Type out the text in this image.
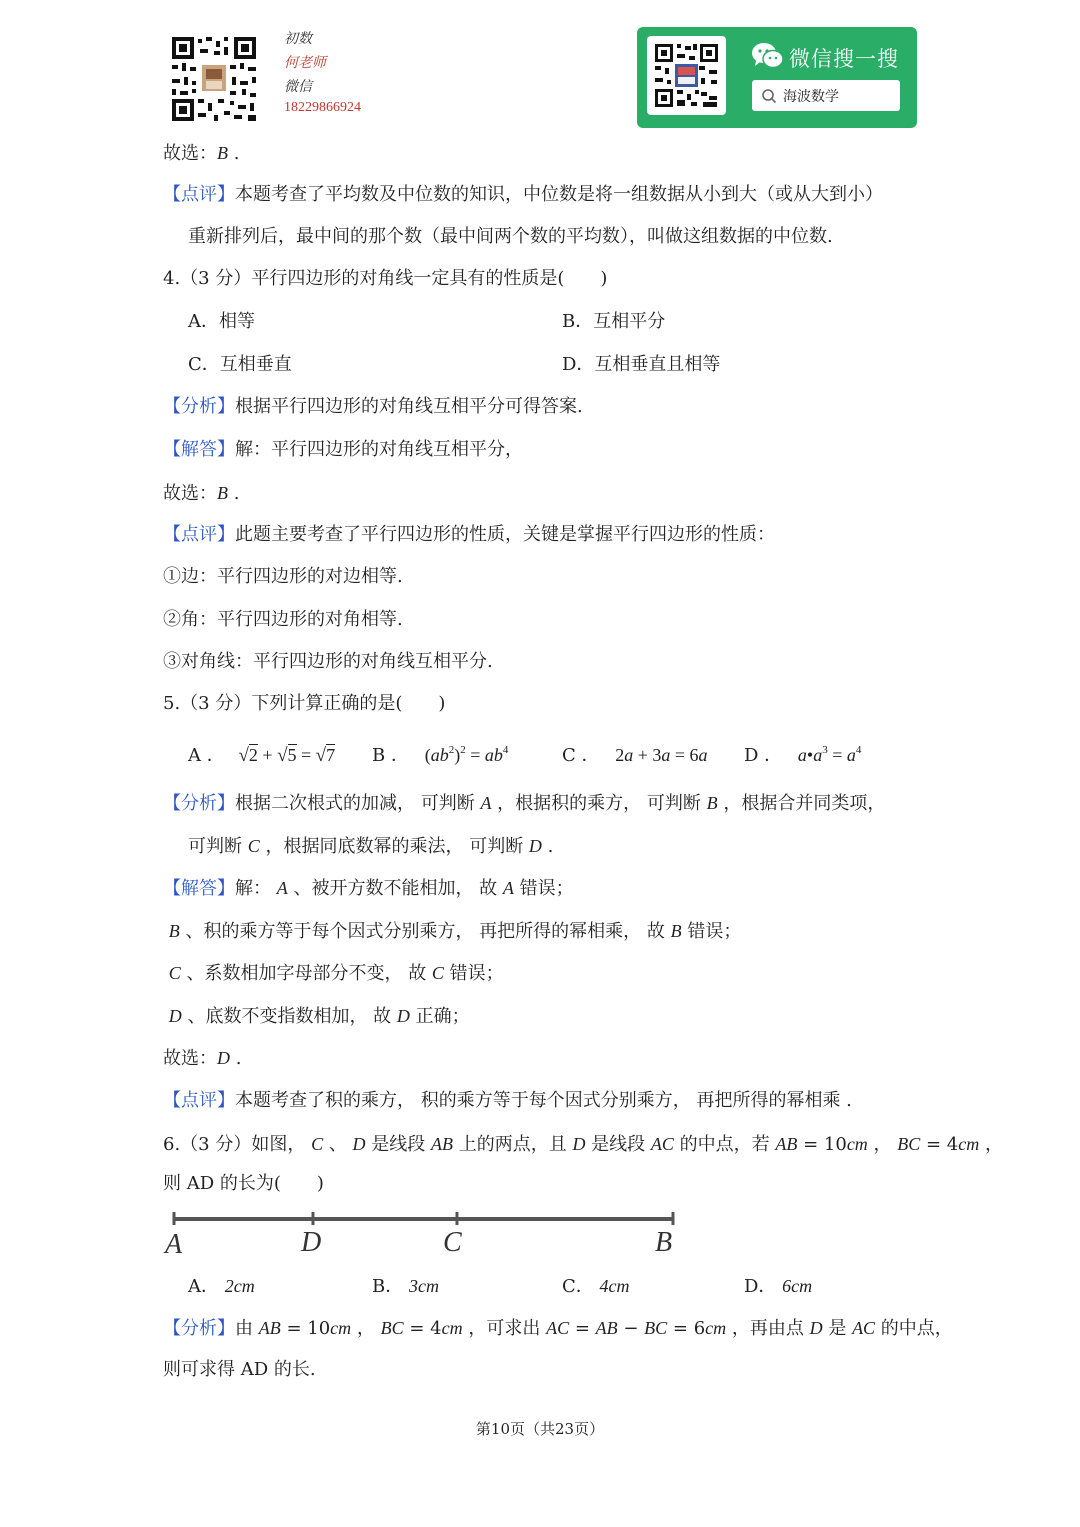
初数
何老师
微信
18229866924
微信搜一搜
海波数学
故选：B .
【点评】本题考查了平均数及中位数的知识，中位数是将一组数据从小到大（或从大到小）
重新排列后，最中间的那个数（最中间两个数的平均数），叫做这组数据的中位数.
4.（3 分）平行四边形的对角线一定具有的性质是(　　)
A．相等	B．互相平分
C．互相垂直	D．互相垂直且相等
【分析】根据平行四边形的对角线互相平分可得答案.
【解答】解：平行四边形的对角线互相平分，
故选：B .
【点评】此题主要考查了平行四边形的性质，关键是掌握平行四边形的性质：
①边：平行四边形的对边相等.
②角：平行四边形的对角相等.
③对角线：平行四边形的对角线互相平分.
5.（3 分）下列计算正确的是(　　)
A ． √2 + √5 = √7 B ． $(ab^2)^2 = ab^4$	C ． 2a + 3a = 6a D ． $a•a^3 = a^4$
【分析】根据二次根式的加减， 可判断 A ，根据积的乘方， 可判断 B ，根据合并同类项，
可判断 C ，根据同底数幂的乘法， 可判断 D .
【解答】解： A 、被开方数不能相加， 故 A 错误；
B 、积的乘方等于每个因式分别乘方， 再把所得的幂相乘， 故 B 错误；
C 、系数相加字母部分不变， 故 C 错误；
D 、底数不变指数相加， 故 D 正确；
故选：D .
【点评】本题考查了积的乘方， 积的乘方等于每个因式分别乘方， 再把所得的幂相乘 .
6.（3 分）如图， C 、 D 是线段 AB 上的两点，且 D 是线段 AC 的中点，若 AB = 10cm ， BC = 4cm ，
则 AD 的长为(　　)
A	D	C	B
A． 2cm	B． 3cm	C． 4cm	D． 6cm
【分析】由 AB = 10cm ， BC = 4cm ，可求出 AC = AB − BC = 6cm ，再由点 D 是 AC 的中点，
则可求得 AD 的长.
第10页（共23页）
